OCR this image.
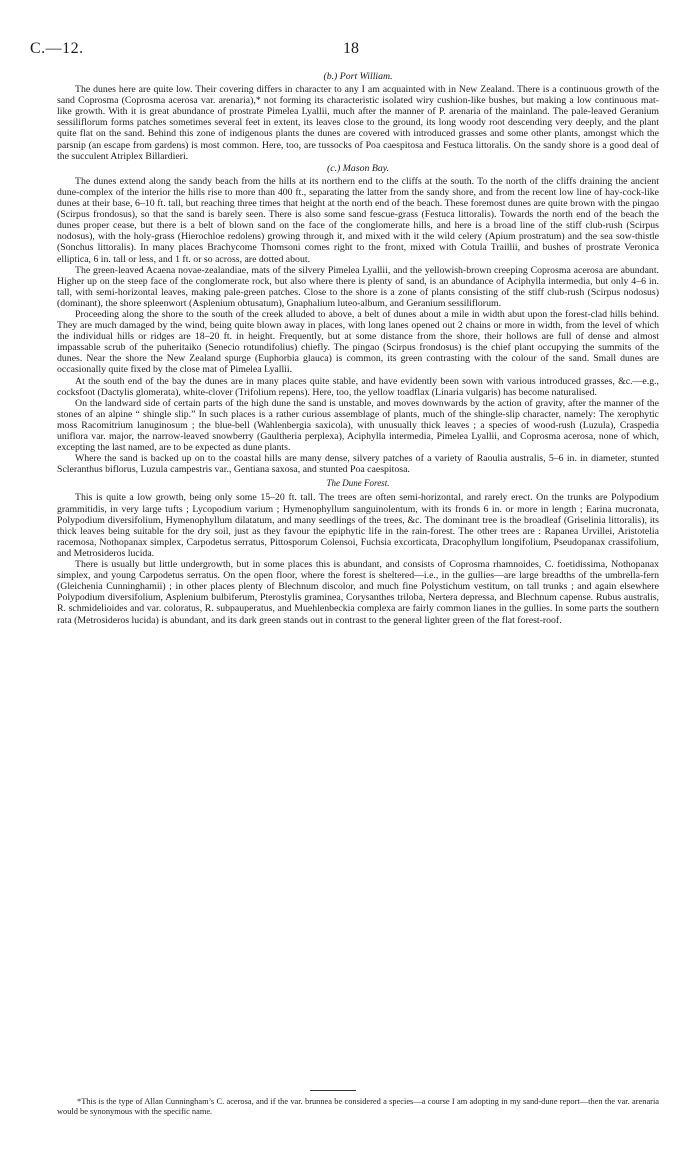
C.—12.	18
(b.) Port William.

The dunes here are quite low. Their covering differs in character to any I am acquainted with in New Zealand. There is a continuous growth of the sand Coprosma (Coprosma acerosa var. arenaria),* not forming its characteristic isolated wiry cushion-like bushes, but making a low continuous mat-like growth. With it is great abundance of prostrate Pimelea Lyallii, much after the manner of P. arenaria of the mainland. The pale-leaved Geranium sessiliflorum forms patches sometimes several feet in extent, its leaves close to the ground, its long woody root descending very deeply, and the plant quite flat on the sand. Behind this zone of indigenous plants the dunes are covered with introduced grasses and some other plants, amongst which the parsnip (an escape from gardens) is most common. Here, too, are tussocks of Poa caespitosa and Festuca littoralis. On the sandy shore is a good deal of the succulent Atriplex Billardieri.

(c.) Mason Bay.

The dunes extend along the sandy beach from the hills at its northern end to the cliffs at the south. To the north of the cliffs draining the ancient dune-complex of the interior the hills rise to more than 400 ft., separating the latter from the sandy shore, and from the recent low line of hay-cock-like dunes at their base, 6–10 ft. tall, but reaching three times that height at the north end of the beach. These foremost dunes are quite brown with the pingao (Scirpus frondosus), so that the sand is barely seen. There is also some sand fescue-grass (Festuca littoralis). Towards the north end of the beach the dunes proper cease, but there is a belt of blown sand on the face of the conglomerate hills, and here is a broad line of the stiff club-rush (Scirpus nodosus), with the holy-grass (Hierochloe redolens) growing through it, and mixed with it the wild celery (Apium prostratum) and the sea sow-thistle (Sonchus littoralis). In many places Brachycome Thomsoni comes right to the front, mixed with Cotula Traillii, and bushes of prostrate Veronica elliptica, 6 in. tall or less, and 1 ft. or so across, are dotted about.

The green-leaved Acaena novae-zealandiae, mats of the silvery Pimelea Lyallii, and the yellowish-brown creeping Coprosma acerosa are abundant. Higher up on the steep face of the conglomerate rock, but also where there is plenty of sand, is an abundance of Aciphylla intermedia, but only 4–6 in. tall, with semi-horizontal leaves, making pale-green patches. Close to the shore is a zone of plants consisting of the stiff club-rush (Scirpus nodosus) (dominant), the shore spleenwort (Asplenium obtusatum), Gnaphalium luteo-album, and Geranium sessiliflorum.

Proceeding along the shore to the south of the creek alluded to above, a belt of dunes about a mile in width abut upon the forest-clad hills behind. They are much damaged by the wind, being quite blown away in places, with long lanes opened out 2 chains or more in width, from the level of which the individual hills or ridges are 18–20 ft. in height. Frequently, but at some distance from the shore, their hollows are full of dense and almost impassable scrub of the puheritaiko (Senecio rotundifolius) chiefly. The pingao (Scirpus frondosus) is the chief plant occupying the summits of the dunes. Near the shore the New Zealand spurge (Euphorbia glauca) is common, its green contrasting with the colour of the sand. Small dunes are occasionally quite fixed by the close mat of Pimelea Lyallii.

At the south end of the bay the dunes are in many places quite stable, and have evidently been sown with various introduced grasses, &c.—e.g., cocksfoot (Dactylis glomerata), white-clover (Trifolium repens). Here, too, the yellow toadflax (Linaria vulgaris) has become naturalised.

On the landward side of certain parts of the high dune the sand is unstable, and moves downwards by the action of gravity, after the manner of the stones of an alpine “ shingle slip.” In such places is a rather curious assemblage of plants, much of the shingle-slip character, namely: The xerophytic moss Racomitrium lanuginosum ; the blue-bell (Wahlenbergia saxicola), with unusually thick leaves ; a species of wood-rush (Luzula), Craspedia uniflora var. major, the narrow-leaved snowberry (Gaultheria perplexa), Aciphylla intermedia, Pimelea Lyallii, and Coprosma acerosa, none of which, excepting the last named, are to be expected as dune plants.

Where the sand is backed up on to the coastal hills are many dense, silvery patches of a variety of Raoulia australis, 5–6 in. in diameter, stunted Scleranthus biflorus, Luzula campestris var., Gentiana saxosa, and stunted Poa caespitosa.

The Dune Forest.

This is quite a low growth, being only some 15–20 ft. tall. The trees are often semi-horizontal, and rarely erect. On the trunks are Polypodium grammitidis, in very large tufts ; Lycopodium varium ; Hymenophyllum sanguinolentum, with its fronds 6 in. or more in length ; Earina mucronata, Polypodium diversifolium, Hymenophyllum dilatatum, and many seedlings of the trees, &c. The dominant tree is the broadleaf (Griselinia littoralis), its thick leaves being suitable for the dry soil, just as they favour the epiphytic life in the rain-forest. The other trees are : Rapanea Urvillei, Aristotelia racemosa, Nothopanax simplex, Carpodetus serratus, Pittosporum Colensoi, Fuchsia excorticata, Dracophyllum longifolium, Pseudopanax crassifolium, and Metrosideros lucida.

There is usually but little undergrowth, but in some places this is abundant, and consists of Coprosma rhamnoides, C. foetidissima, Nothopanax simplex, and young Carpodetus serratus. On the open floor, where the forest is sheltered—i.e., in the gullies—are large breadths of the umbrella-fern (Gleichenia Cunninghamii) ; in other places plenty of Blechnum discolor, and much fine Polystichum vestitum, on tall trunks ; and again elsewhere Polypodium diversifolium, Asplenium bulbiferum, Pterostylis graminea, Corysanthes triloba, Nertera depressa, and Blechnum capense. Rubus australis, R. schmidelioides and var. coloratus, R. subpauperatus, and Muehlenbeckia complexa are fairly common lianes in the gullies. In some parts the southern rata (Metrosideros lucida) is abundant, and its dark green stands out in contrast to the general lighter green of the flat forest-roof.

*This is the type of Allan Cunningham’s C. acerosa, and if the var. brunnea be considered a species—a course I am adopting in my sand-dune report—then the var. arenaria would be synonymous with the specific name.
